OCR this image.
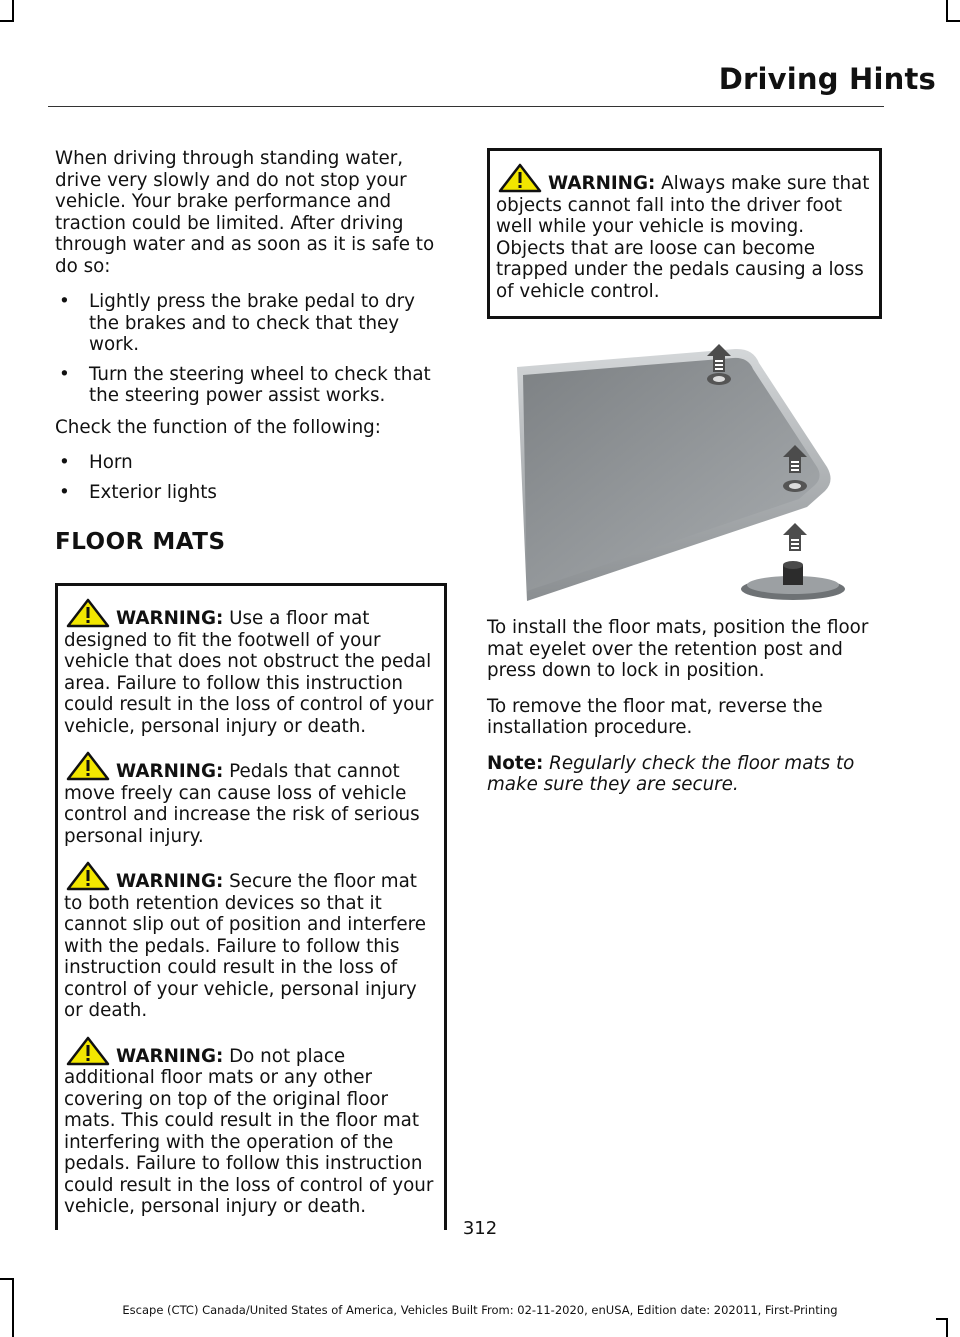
Driving Hints

When driving through standing water, drive very slowly and do not stop your vehicle. Your brake performance and traction could be limited. After driving through water and as soon as it is safe to do so:

• Lightly press the brake pedal to dry the brakes and to check that they work.
• Turn the steering wheel to check that the steering power assist works.

Check the function of the following:

• Horn
• Exterior lights
FLOOR MATS
WARNING: Use a floor mat designed to fit the footwell of your vehicle that does not obstruct the pedal area. Failure to follow this instruction could result in the loss of control of your vehicle, personal injury or death.
WARNING: Pedals that cannot move freely can cause loss of vehicle control and increase the risk of serious personal injury.
WARNING: Secure the floor mat to both retention devices so that it cannot slip out of position and interfere with the pedals. Failure to follow this instruction could result in the loss of control of your vehicle, personal injury or death.
WARNING: Do not place additional floor mats or any other covering on top of the original floor mats. This could result in the floor mat interfering with the operation of the pedals. Failure to follow this instruction could result in the loss of control of your vehicle, personal injury or death.
WARNING: Always make sure that objects cannot fall into the driver foot well while your vehicle is moving. Objects that are loose can become trapped under the pedals causing a loss of vehicle control.

To install the floor mats, position the floor mat eyelet over the retention post and press down to lock in position.

To remove the floor mat, reverse the installation procedure.

Note: Regularly check the floor mats to make sure they are secure.

312
Escape (CTC) Canada/United States of America, Vehicles Built From: 02-11-2020, enUSA, Edition date: 202011, First-Printing
